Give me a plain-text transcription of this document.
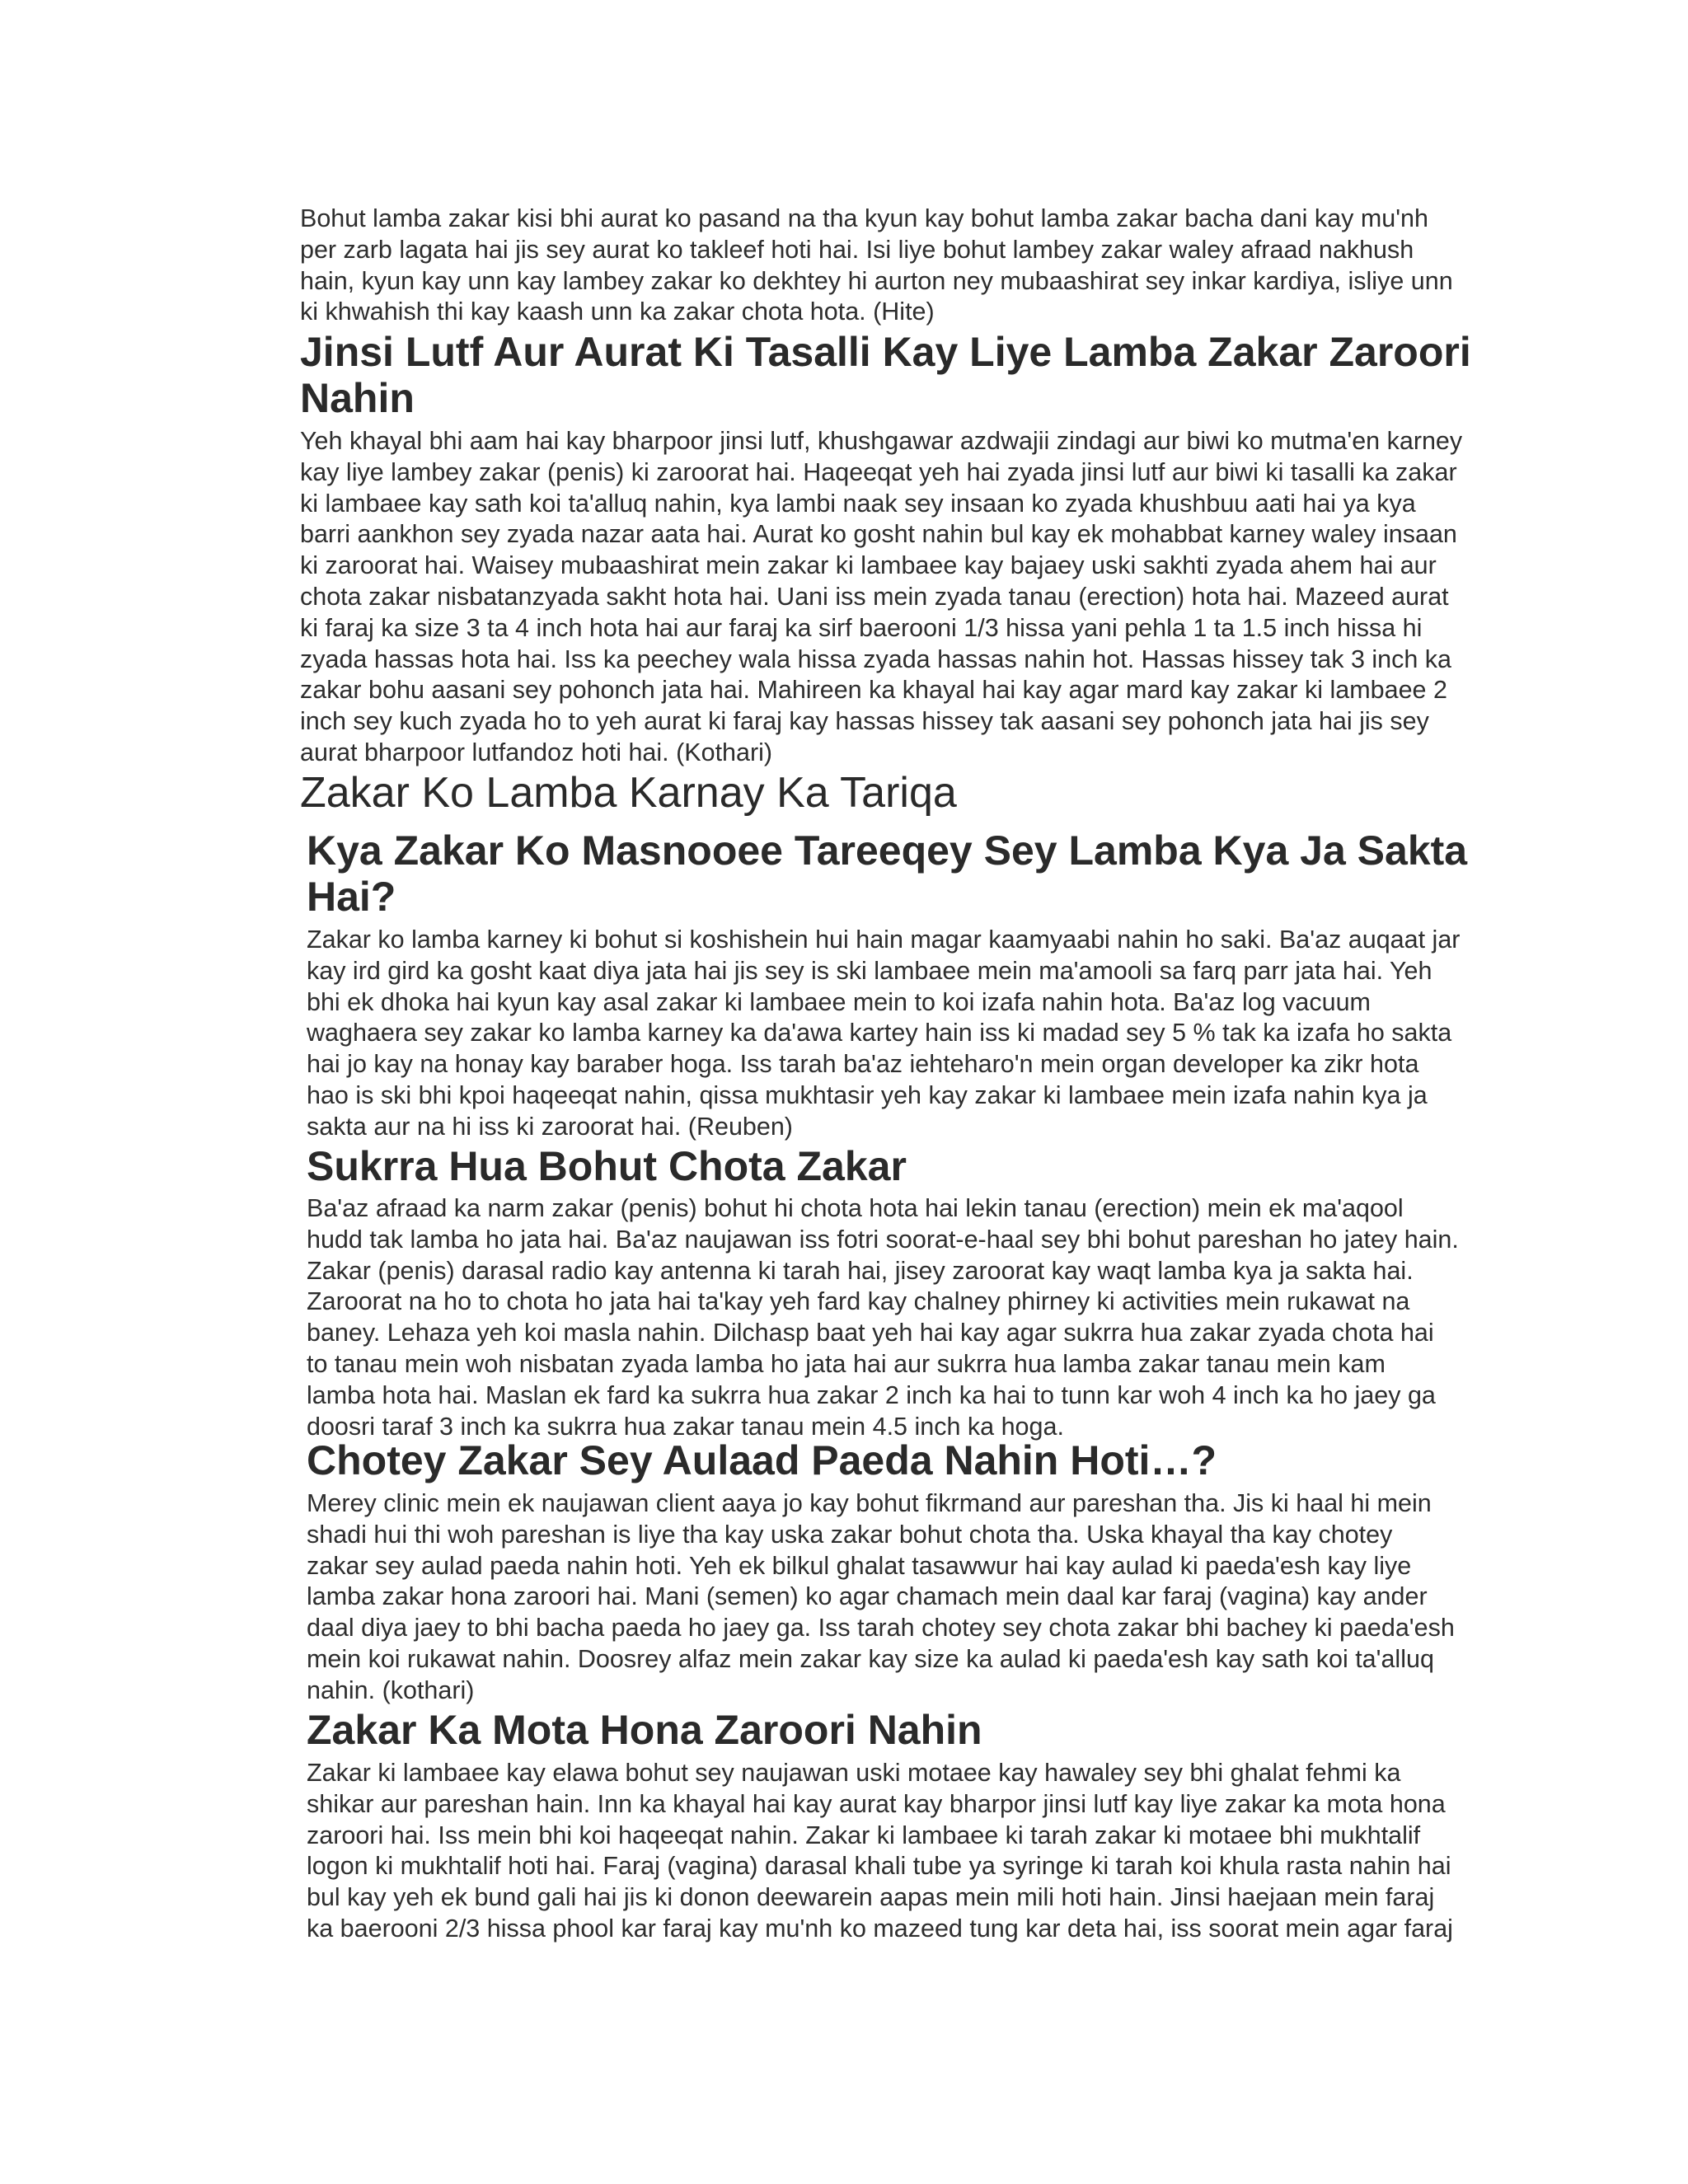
Bohut lamba zakar kisi bhi aurat ko pasand na tha kyun kay bohut lamba zakar bacha dani kay mu'nh
per zarb lagata hai jis sey aurat ko takleef hoti hai. Isi liye bohut lambey zakar waley afraad nakhush
hain, kyun kay unn kay lambey zakar ko dekhtey hi aurton ney mubaashirat sey inkar kardiya, isliye unn
ki khwahish thi kay kaash unn ka zakar chota hota. (Hite)

Jinsi Lutf Aur Aurat Ki Tasalli Kay Liye Lamba Zakar Zaroori
Nahin

Yeh khayal bhi aam hai kay bharpoor jinsi lutf, khushgawar azdwajii zindagi aur biwi ko mutma'en karney
kay liye lambey zakar (penis) ki zaroorat hai. Haqeeqat yeh hai zyada jinsi lutf aur biwi ki tasalli ka zakar
ki lambaee kay sath koi ta'alluq nahin, kya lambi naak sey insaan ko zyada khushbuu aati hai ya kya
barri aankhon sey zyada nazar aata hai. Aurat ko gosht nahin bul kay ek mohabbat karney waley insaan
ki zaroorat hai. Waisey mubaashirat mein zakar ki lambaee kay bajaey uski sakhti zyada ahem hai aur
chota zakar nisbatanzyada sakht hota hai. Uani iss mein zyada tanau (erection) hota hai. Mazeed aurat
ki faraj ka size 3 ta 4 inch hota hai aur faraj ka sirf baerooni 1/3 hissa yani pehla 1 ta 1.5 inch hissa hi
zyada hassas hota hai. Iss ka peechey wala hissa zyada hassas nahin hot. Hassas hissey tak 3 inch ka
zakar bohu aasani sey pohonch jata hai. Mahireen ka khayal hai kay agar mard kay zakar ki lambaee 2
inch sey kuch zyada ho to yeh aurat ki faraj kay hassas hissey tak aasani sey pohonch jata hai jis sey
aurat bharpoor lutfandoz hoti hai. (Kothari)

Zakar Ko Lamba Karnay Ka Tariqa
Kya Zakar Ko Masnooee Tareeqey Sey Lamba Kya Ja Sakta
Hai?

Zakar ko lamba karney ki bohut si koshishein hui hain magar kaamyaabi nahin ho saki. Ba'az auqaat jar
kay ird gird ka gosht kaat diya jata hai jis sey is ski lambaee mein ma'amooli sa farq parr jata hai. Yeh
bhi ek dhoka hai kyun kay asal zakar ki lambaee mein to koi izafa nahin hota. Ba'az log vacuum
waghaera sey zakar ko lamba karney ka da'awa kartey hain iss ki madad sey 5 % tak ka izafa ho sakta
hai jo kay na honay kay baraber hoga. Iss tarah ba'az iehteharo'n mein organ developer ka zikr hota
hao is ski bhi kpoi haqeeqat nahin, qissa mukhtasir yeh kay zakar ki lambaee mein izafa nahin kya ja
sakta aur na hi iss ki zaroorat hai. (Reuben)

Sukrra Hua Bohut Chota Zakar

Ba'az afraad ka narm zakar (penis) bohut hi chota hota hai lekin tanau (erection) mein ek ma'aqool
hudd tak lamba ho jata hai. Ba'az naujawan iss fotri soorat-e-haal sey bhi bohut pareshan ho jatey hain.
Zakar (penis) darasal radio kay antenna ki tarah hai, jisey zaroorat kay waqt lamba kya ja sakta hai.
Zaroorat na ho to chota ho jata hai ta'kay yeh fard kay chalney phirney ki activities mein rukawat na
baney. Lehaza yeh koi masla nahin. Dilchasp baat yeh hai kay agar sukrra hua zakar zyada chota hai
to tanau mein woh nisbatan zyada lamba ho jata hai aur sukrra hua lamba zakar tanau mein kam
lamba hota hai. Maslan ek fard ka sukrra hua zakar 2 inch ka hai to tunn kar woh 4 inch ka ho jaey ga
doosri taraf 3 inch ka sukrra hua zakar tanau mein 4.5 inch ka hoga.

Chotey Zakar Sey Aulaad Paeda Nahin Hoti…?

Merey clinic mein ek naujawan client aaya jo kay bohut fikrmand aur pareshan tha. Jis ki haal hi mein
shadi hui thi woh pareshan is liye tha kay uska zakar bohut chota tha. Uska khayal tha kay chotey
zakar sey aulad paeda nahin hoti. Yeh ek bilkul ghalat tasawwur hai kay aulad ki paeda'esh kay liye
lamba zakar hona zaroori hai. Mani (semen) ko agar chamach mein daal kar faraj (vagina) kay ander
daal diya jaey to bhi bacha paeda ho jaey ga. Iss tarah chotey sey chota zakar bhi bachey ki paeda'esh
mein koi rukawat nahin. Doosrey alfaz mein zakar kay size ka aulad ki paeda'esh kay sath koi ta'alluq
nahin. (kothari)

Zakar Ka Mota Hona Zaroori Nahin

Zakar ki lambaee kay elawa bohut sey naujawan uski motaee kay hawaley sey bhi ghalat fehmi ka
shikar aur pareshan hain. Inn ka khayal hai kay aurat kay bharpor jinsi lutf kay liye zakar ka mota hona
zaroori hai. Iss mein bhi koi haqeeqat nahin. Zakar ki lambaee ki tarah zakar ki motaee bhi mukhtalif
logon ki mukhtalif hoti hai. Faraj (vagina) darasal khali tube ya syringe ki tarah koi khula rasta nahin hai
bul kay yeh ek bund gali hai jis ki donon deewarein aapas mein mili hoti hain. Jinsi haejaan mein faraj
ka baerooni 2/3 hissa phool kar faraj kay mu'nh ko mazeed tung kar deta hai, iss soorat mein agar faraj
